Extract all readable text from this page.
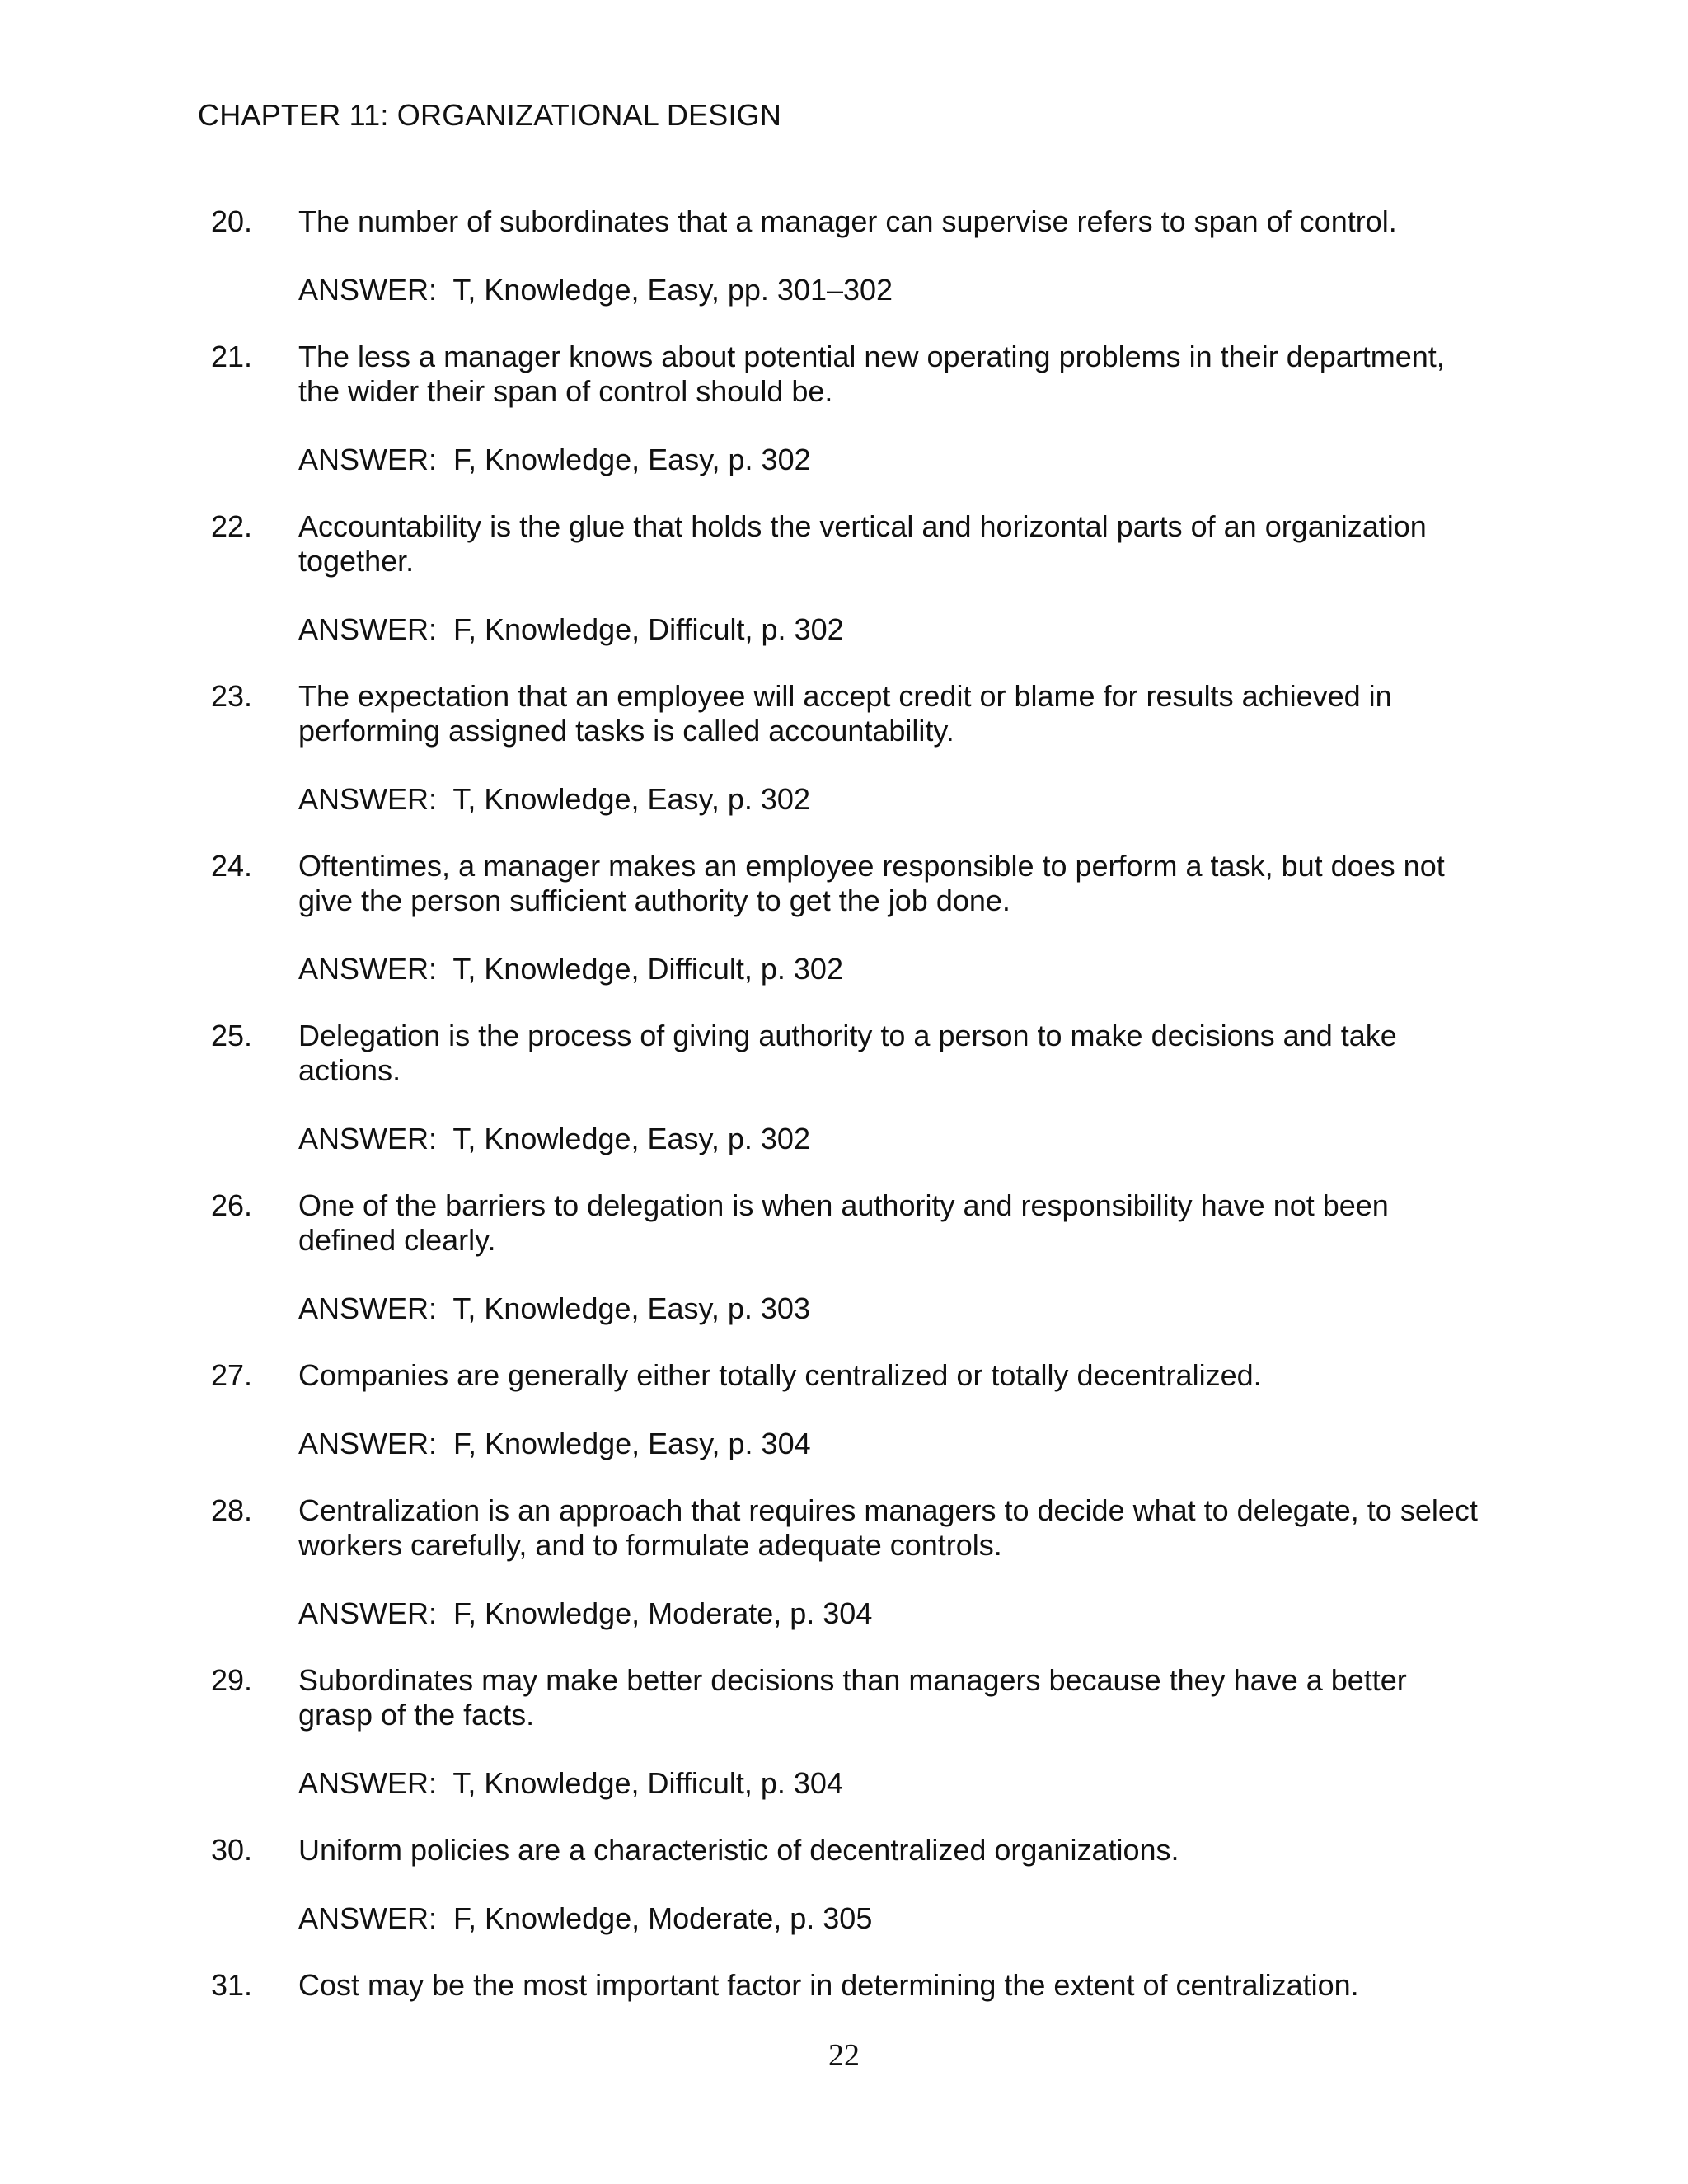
CHAPTER 11: ORGANIZATIONAL DESIGN
20. The number of subordinates that a manager can supervise refers to span of control.
ANSWER:  T, Knowledge, Easy, pp. 301–302
21. The less a manager knows about potential new operating problems in their department, the wider their span of control should be.
ANSWER:  F, Knowledge, Easy, p. 302
22. Accountability is the glue that holds the vertical and horizontal parts of an organization together.
ANSWER:  F, Knowledge, Difficult, p. 302
23. The expectation that an employee will accept credit or blame for results achieved in performing assigned tasks is called accountability.
ANSWER:  T, Knowledge, Easy, p. 302
24. Oftentimes, a manager makes an employee responsible to perform a task, but does not give the person sufficient authority to get the job done.
ANSWER:  T, Knowledge, Difficult, p. 302
25. Delegation is the process of giving authority to a person to make decisions and take actions.
ANSWER:  T, Knowledge, Easy, p. 302
26. One of the barriers to delegation is when authority and responsibility have not been defined clearly.
ANSWER:  T, Knowledge, Easy, p. 303
27. Companies are generally either totally centralized or totally decentralized.
ANSWER:  F, Knowledge, Easy, p. 304
28. Centralization is an approach that requires managers to decide what to delegate, to select workers carefully, and to formulate adequate controls.
ANSWER:  F, Knowledge, Moderate, p. 304
29. Subordinates may make better decisions than managers because they have a better grasp of the facts.
ANSWER:  T, Knowledge, Difficult, p. 304
30. Uniform policies are a characteristic of decentralized organizations.
ANSWER:  F, Knowledge, Moderate, p. 305
31. Cost may be the most important factor in determining the extent of centralization.
22
